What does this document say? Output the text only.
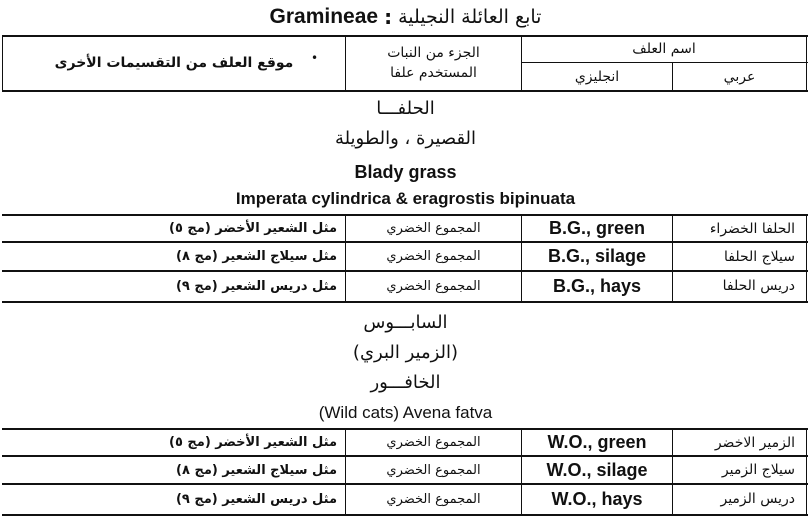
Gramineae : تابع العائلة النجيلية
موقع العلف من التقسيمات الأخرى	•	الجزء من النبات
المستخدم علفا
اسم العلف
انجليزي	عربي
الحلفـــا
القصيرة ، والطويلة
Blady grass
Imperata cylindrica & eragrostis bipinuata
مثل الشعير الأخضر (مج ٥)	المجموع الخضري	B.G., green	الحلفا الخضراء
مثل سيلاج الشعير (مج ٨)	المجموع الخضري	B.G., silage	سيلاج الحلفا
مثل دريس الشعير (مج ٩)	المجموع الخضري	B.G., hays	دريس الحلفا
السابـــوس
(الزمير البري)
الخافـــور
(Wild cats) Avena fatva
مثل الشعير الأخضر (مج ٥)	المجموع الخضري	W.O., green	الزمير الاخضر
مثل سيلاج الشعير (مج ٨)	المجموع الخضري	W.O., silage	سيلاج الزمير
مثل دريس الشعير (مج ٩)	المجموع الخضري	W.O., hays	دريس الزمير
